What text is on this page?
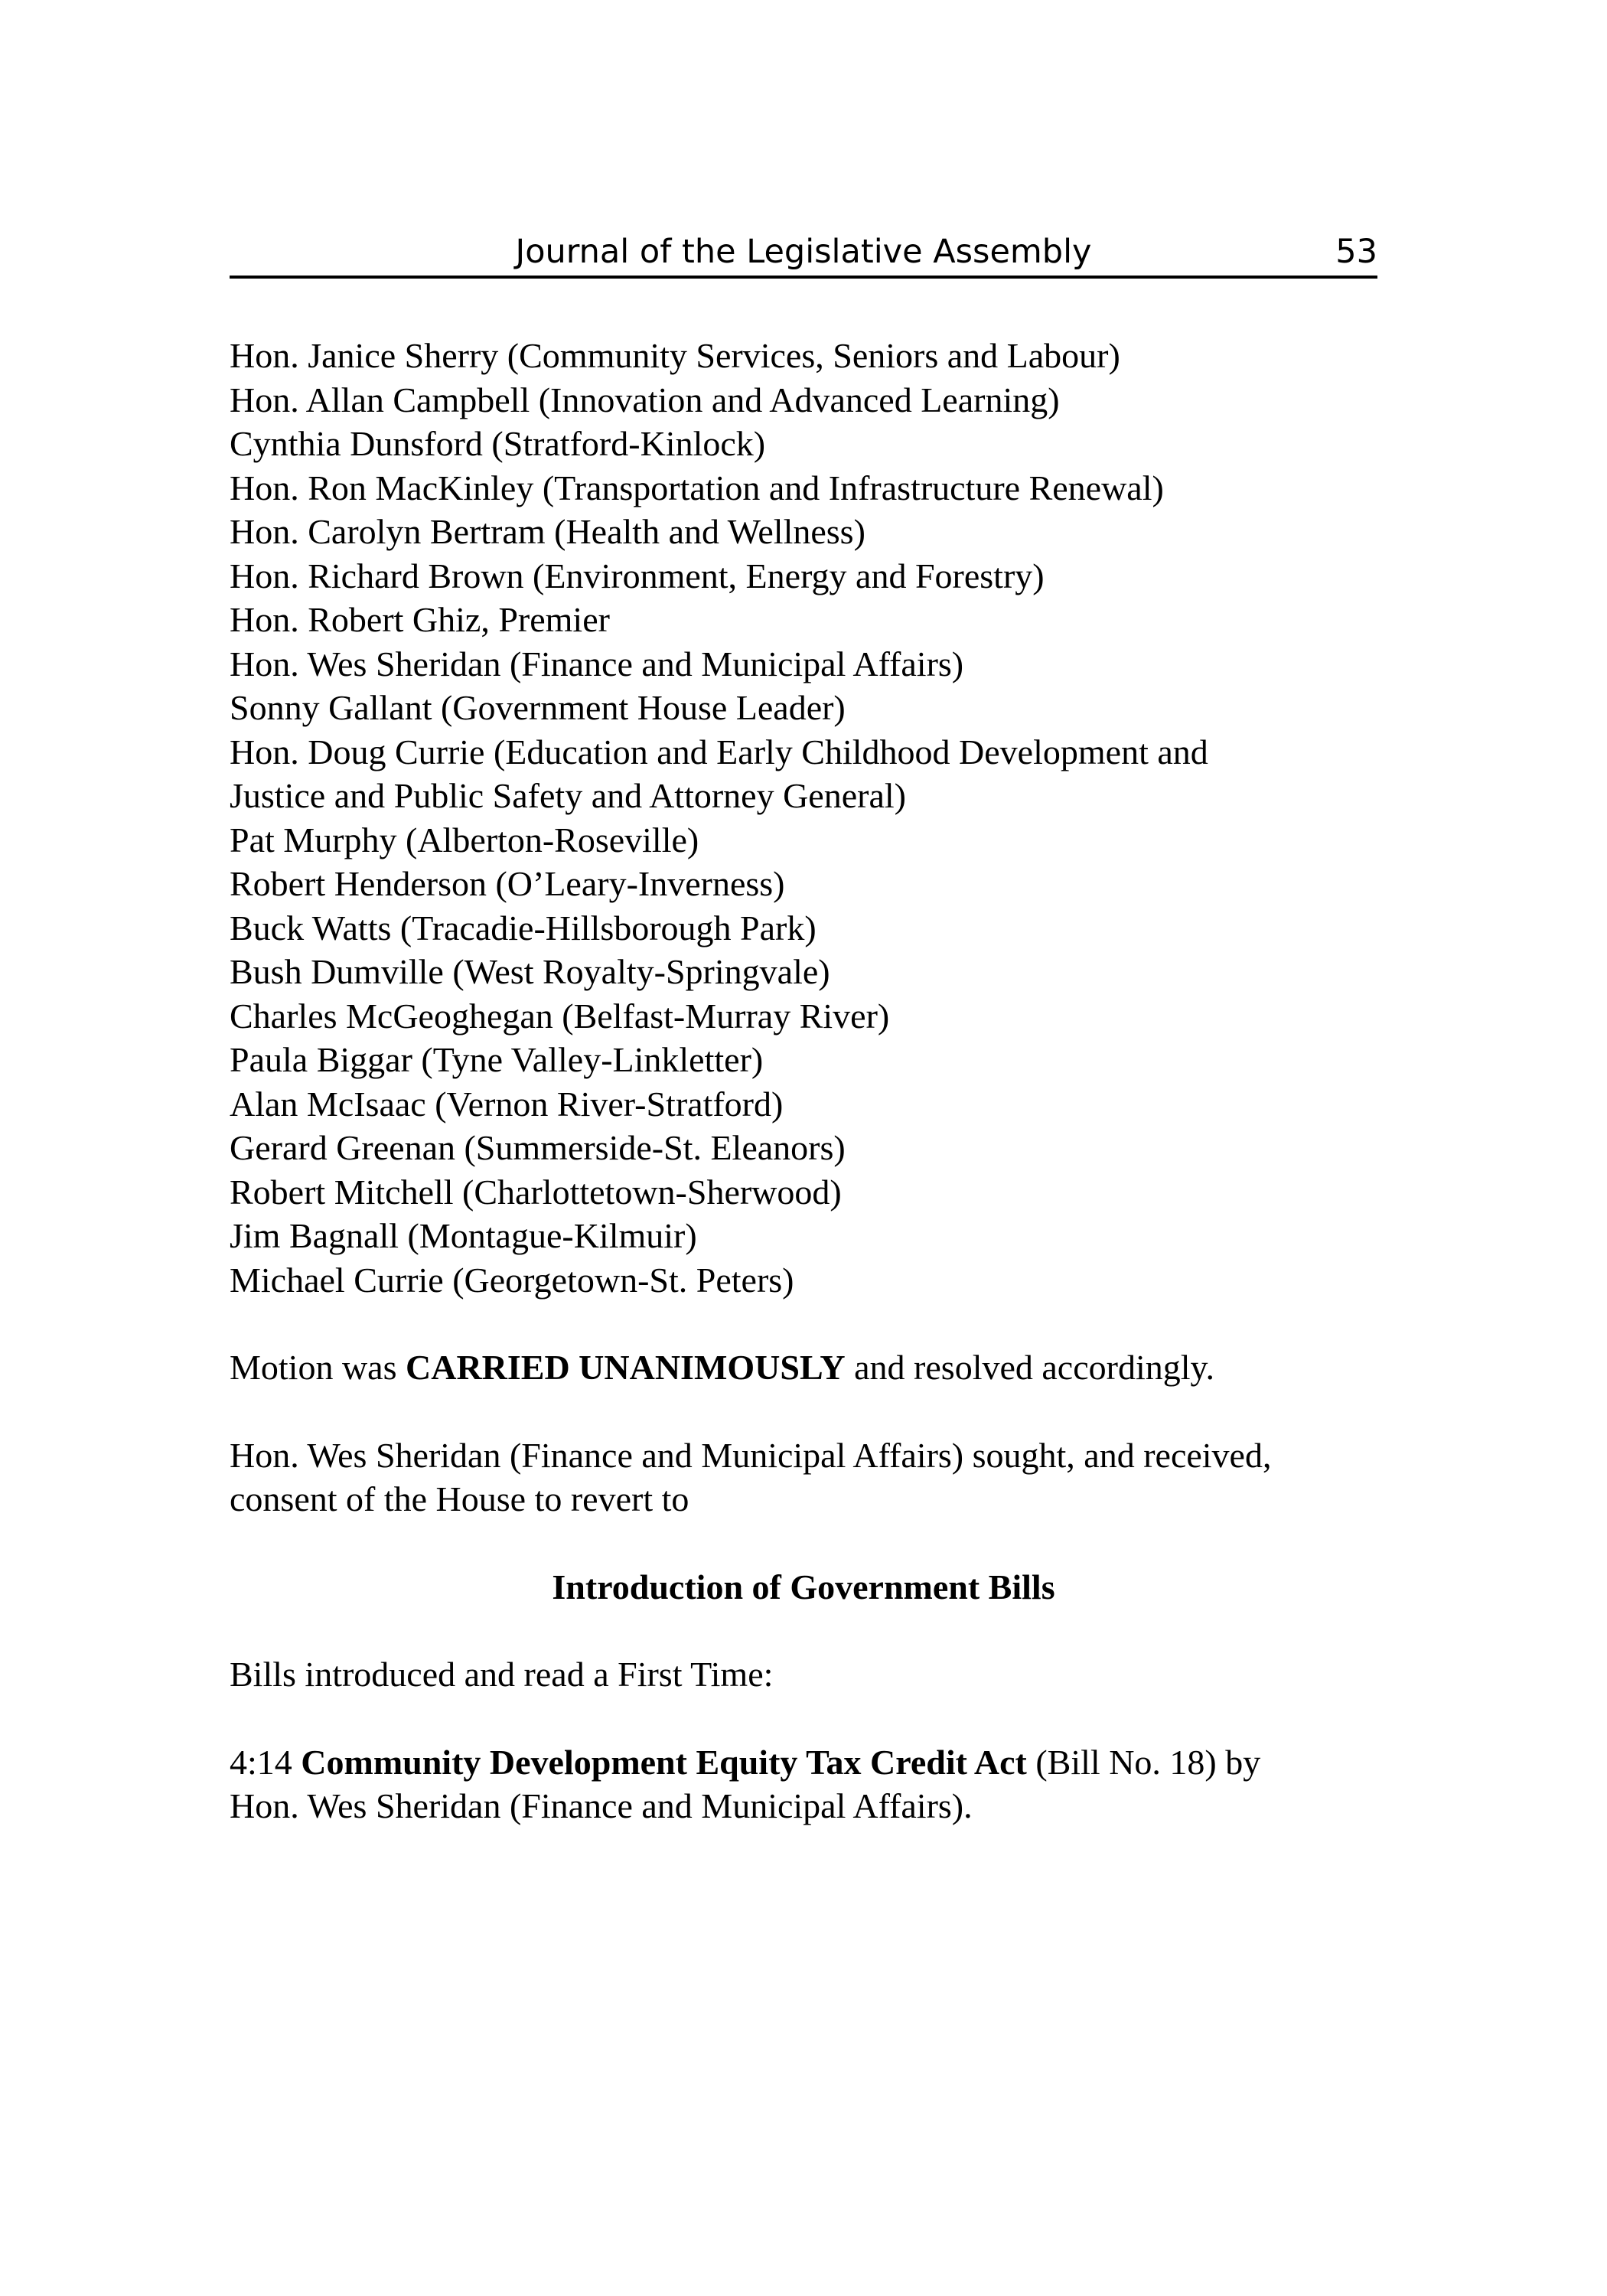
Journal of the Legislative Assembly	53
Hon. Janice Sherry (Community Services, Seniors and Labour)
Hon. Allan Campbell (Innovation and Advanced Learning)
Cynthia Dunsford (Stratford-Kinlock)
Hon. Ron MacKinley (Transportation and Infrastructure Renewal)
Hon. Carolyn Bertram (Health and Wellness)
Hon. Richard Brown (Environment, Energy and Forestry)
Hon. Robert Ghiz, Premier
Hon. Wes Sheridan (Finance and Municipal Affairs)
Sonny Gallant (Government House Leader)
Hon. Doug Currie (Education and Early Childhood Development and
Justice and Public Safety and Attorney General)
Pat Murphy (Alberton-Roseville)
Robert Henderson (O’Leary-Inverness)
Buck Watts (Tracadie-Hillsborough Park)
Bush Dumville (West Royalty-Springvale)
Charles McGeoghegan (Belfast-Murray River)
Paula Biggar (Tyne Valley-Linkletter)
Alan McIsaac (Vernon River-Stratford)
Gerard Greenan (Summerside-St. Eleanors)
Robert Mitchell (Charlottetown-Sherwood)
Jim Bagnall (Montague-Kilmuir)
Michael Currie (Georgetown-St. Peters)

Motion was CARRIED UNANIMOUSLY and resolved accordingly.

Hon. Wes Sheridan (Finance and Municipal Affairs) sought, and received,
consent of the House to revert to

Introduction of Government Bills

Bills introduced and read a First Time:

4:14 Community Development Equity Tax Credit Act (Bill No. 18) by
Hon. Wes Sheridan (Finance and Municipal Affairs).
